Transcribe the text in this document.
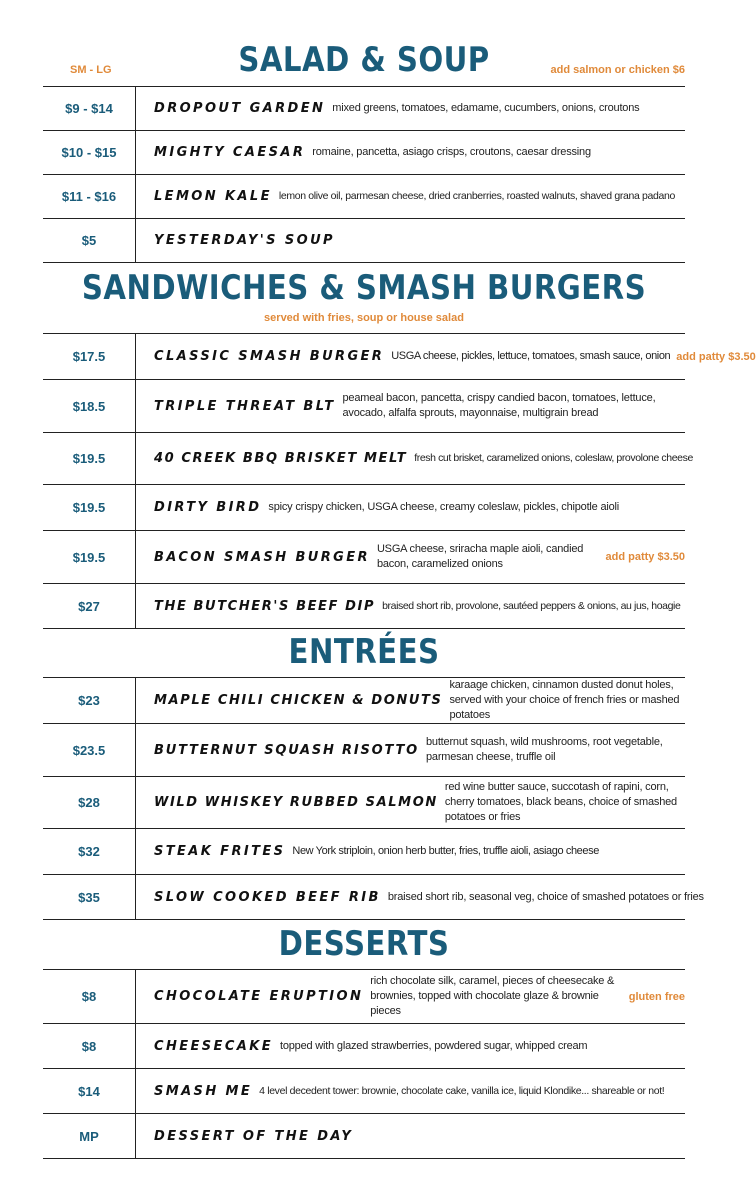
SALAD & SOUP
SM - LG	add salmon or chicken $6
$9 - $14	DROPOUT GARDEN mixed greens, tomatoes, edamame, cucumbers, onions, croutons
$10 - $15	MIGHTY CAESAR romaine, pancetta, asiago crisps, croutons, caesar dressing
$11 - $16	LEMON KALE lemon olive oil, parmesan cheese, dried cranberries, roasted walnuts, shaved grana padano
$5	YESTERDAY'S SOUP
SANDWICHES & SMASH BURGERS
served with fries, soup or house salad
$17.5	CLASSIC SMASH BURGER USGA cheese, pickles, lettuce, tomatoes, smash sauce, onion add patty $3.50
$18.5	TRIPLE THREAT BLT
peameal bacon, pancetta, crispy candied bacon, tomatoes, lettuce, avocado, alfalfa sprouts, mayonnaise, multigrain bread
$19.5	40 CREEK BBQ BRISKET MELT fresh cut brisket, caramelized onions, coleslaw, provolone cheese
$19.5	DIRTY BIRD spicy crispy chicken, USGA cheese, creamy coleslaw, pickles, chipotle aioli
$19.5	BACON SMASH BURGER
USGA cheese, sriracha maple aioli, candied bacon, caramelized onions
add patty $3.50
$27	THE BUTCHER'S BEEF DIP braised short rib, provolone, sautéed peppers & onions, au jus, hoagie
ENTRÉES
$23	MAPLE CHILI CHICKEN & DONUTS
karaage chicken, cinnamon dusted donut holes, served with your choice of french fries or mashed potatoes
$23.5	BUTTERNUT SQUASH RISOTTO
butternut squash, wild mushrooms, root vegetable, parmesan cheese, truffle oil
$28	WILD WHISKEY RUBBED SALMON
red wine butter sauce, succotash of rapini, corn, cherry tomatoes, black beans, choice of smashed potatoes or fries
$32	STEAK FRITES New York striploin, onion herb butter, fries, truffle aioli, asiago cheese
$35	SLOW COOKED BEEF RIB braised short rib, seasonal veg, choice of smashed potatoes or fries
DESSERTS
$8	CHOCOLATE ERUPTION
rich chocolate silk, caramel, pieces of cheesecake & brownies, topped with chocolate glaze & brownie pieces
gluten free
$8	CHEESECAKE topped with glazed strawberries, powdered sugar, whipped cream
$14	SMASH ME 4 level decedent tower: brownie, chocolate cake, vanilla ice, liquid Klondike... shareable or not!
MP	DESSERT OF THE DAY
